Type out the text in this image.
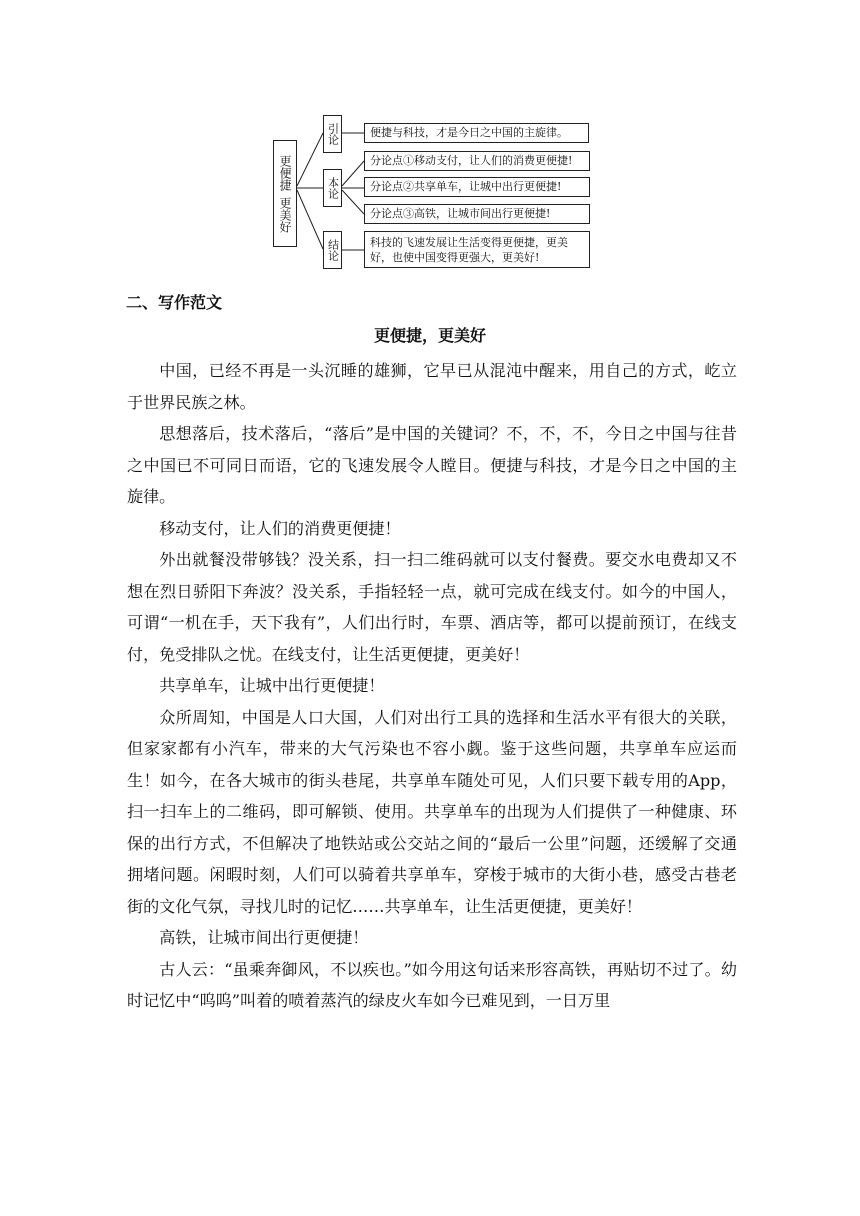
更便捷
更美好
引论
本论
结论
便捷与科技，才是今日之中国的主旋律。
分论点①移动支付，让人们的消费更便捷!
分论点②共享单车，让城中出行更便捷!
分论点③高铁，让城市间出行更便捷!
科技的飞速发展让生活变得更便捷，更美好，也使中国变得更强大，更美好!
二、写作范文
更便捷，更美好

中国，已经不再是一头沉睡的雄狮，它早已从混沌中醒来，用自己的方式，屹立于世界民族之林。

思想落后，技术落后，“落后”是中国的关键词？不，不，不，今日之中国与往昔之中国已不可同日而语，它的飞速发展令人瞠目。便捷与科技，才是今日之中国的主旋律。

移动支付，让人们的消费更便捷！

外出就餐没带够钱？没关系，扫一扫二维码就可以支付餐费。要交水电费却又不想在烈日骄阳下奔波？没关系，手指轻轻一点，就可完成在线支付。如今的中国人，可谓“一机在手，天下我有”，人们出行时，车票、酒店等，都可以提前预订，在线支付，免受排队之忧。在线支付，让生活更便捷，更美好！

共享单车，让城中出行更便捷！

众所周知，中国是人口大国，人们对出行工具的选择和生活水平有很大的关联，但家家都有小汽车，带来的大气污染也不容小觑。鉴于这些问题，共享单车应运而生！如今，在各大城市的街头巷尾，共享单车随处可见，人们只要下载专用的App，扫一扫车上的二维码，即可解锁、使用。共享单车的出现为人们提供了一种健康、环保的出行方式，不但解决了地铁站或公交站之间的“最后一公里”问题，还缓解了交通拥堵问题。闲暇时刻，人们可以骑着共享单车，穿梭于城市的大街小巷，感受古巷老街的文化气氛，寻找儿时的记忆……共享单车，让生活更便捷，更美好！

高铁，让城市间出行更便捷！

古人云：“虽乘奔御风，不以疾也。”如今用这句话来形容高铁，再贴切不过了。幼时记忆中“呜呜”叫着的喷着蒸汽的绿皮火车如今已难见到，一日万里
